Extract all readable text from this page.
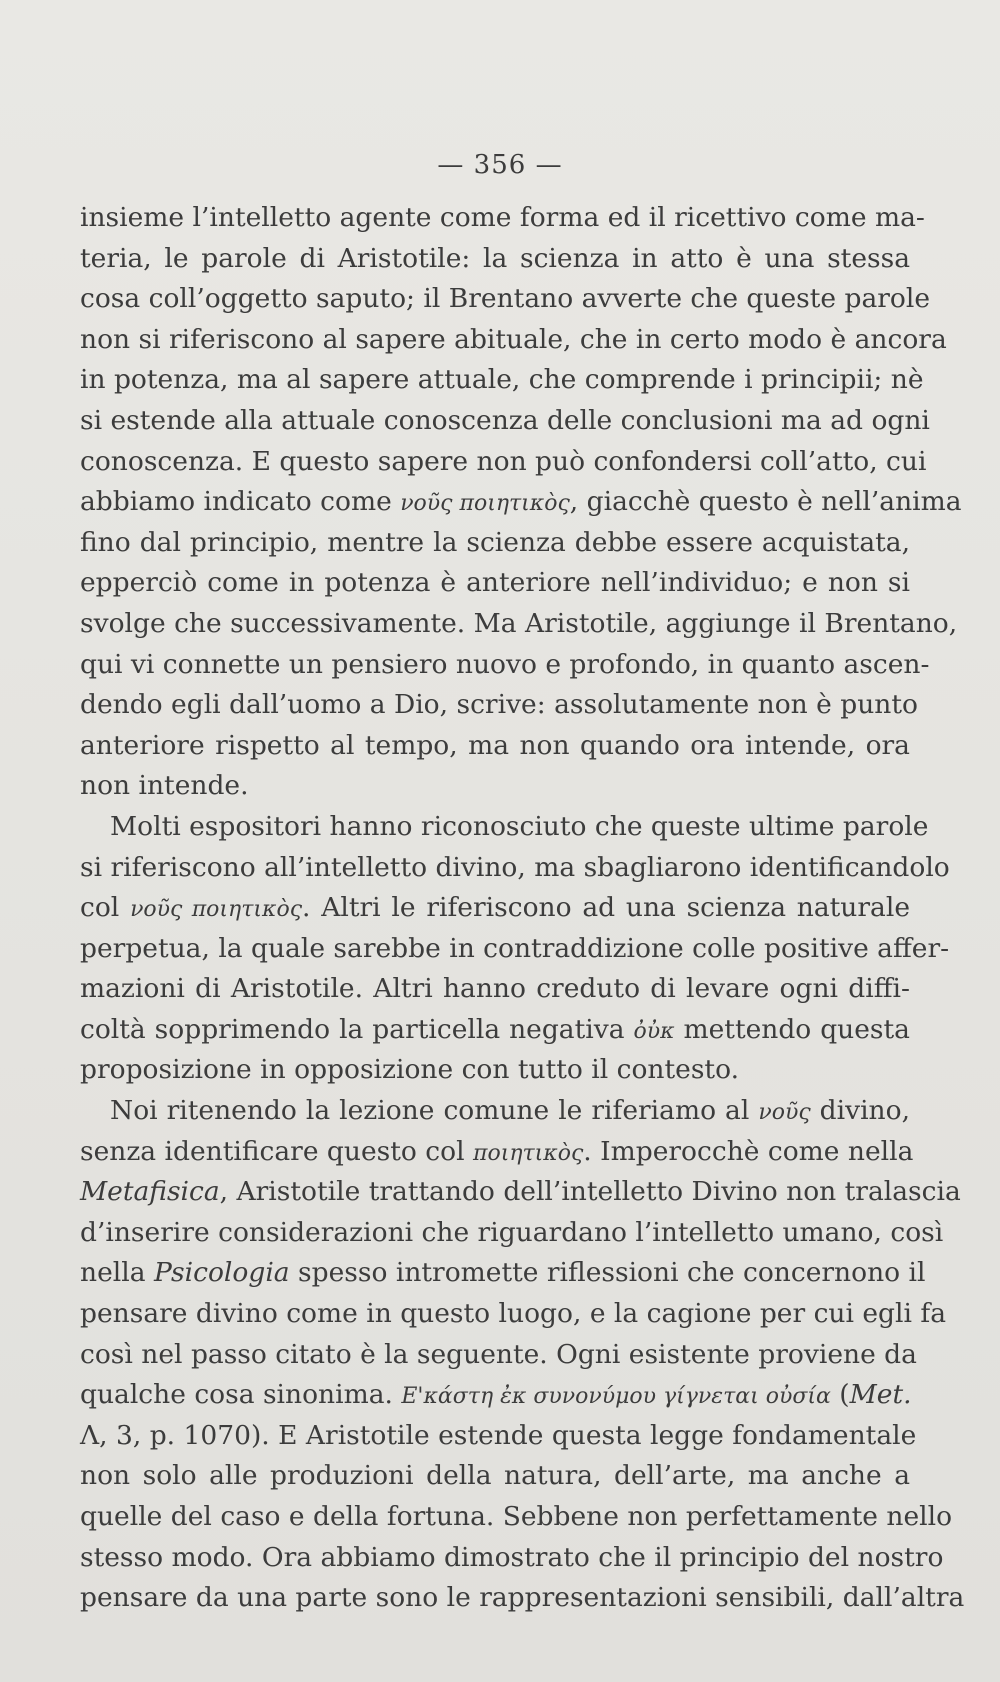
— 356 —
insieme l’intelletto agente come forma ed il ricettivo come ma-
teria, le parole di Aristotile: la scienza in atto è una stessa
cosa coll’oggetto saputo; il Brentano avverte che queste parole
non si riferiscono al sapere abituale, che in certo modo è ancora
in potenza, ma al sapere attuale, che comprende i principii; nè
si estende alla attuale conoscenza delle conclusioni ma ad ogni
conoscenza. E questo sapere non può confondersi coll’atto, cui
abbiamo indicato come νοῦς ποιητικὸς, giacchè questo è nell’anima
fino dal principio, mentre la scienza debbe essere acquistata,
epperciò come in potenza è anteriore nell’individuo; e non si
svolge che successivamente. Ma Aristotile, aggiunge il Brentano,
qui vi connette un pensiero nuovo e profondo, in quanto ascen-
dendo egli dall’uomo a Dio, scrive: assolutamente non è punto
anteriore rispetto al tempo, ma non quando ora intende, ora
non intende.
Molti espositori hanno riconosciuto che queste ultime parole
si riferiscono all’intelletto divino, ma sbagliarono identificandolo
col νοῦς ποιητικὸς. Altri le riferiscono ad una scienza naturale
perpetua, la quale sarebbe in contraddizione colle positive affer-
mazioni di Aristotile. Altri hanno creduto di levare ogni diffi-
coltà sopprimendo la particella negativa ὀὐκ mettendo questa
proposizione in opposizione con tutto il contesto.
Noi ritenendo la lezione comune le riferiamo al νοῦς divino,
senza identificare questo col ποιητικὸς. Imperocchè come nella
Metafisica, Aristotile trattando dell’intelletto Divino non tralascia
d’inserire considerazioni che riguardano l’intelletto umano, così
nella Psicologia spesso intromette riflessioni che concernono il
pensare divino come in questo luogo, e la cagione per cui egli fa
così nel passo citato è la seguente. Ogni esistente proviene da
qualche cosa sinonima. Ε'κάστη ἐκ συνονύμου γίγνεται οὐσία (Met.
Λ, 3, p. 1070). E Aristotile estende questa legge fondamentale
non solo alle produzioni della natura, dell’arte, ma anche a
quelle del caso e della fortuna. Sebbene non perfettamente nello
stesso modo. Ora abbiamo dimostrato che il principio del nostro
pensare da una parte sono le rappresentazioni sensibili, dall’altra
